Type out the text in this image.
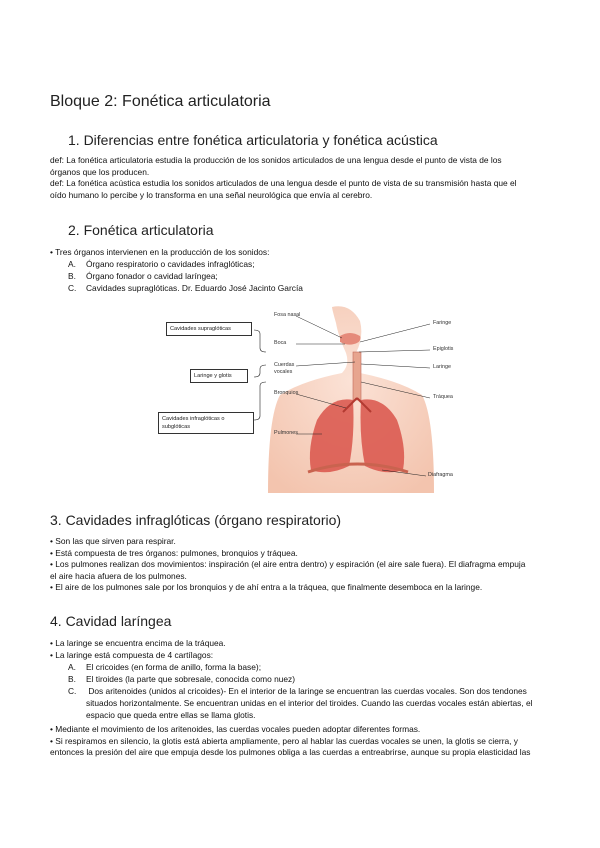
Bloque 2: Fonética articulatoria
1. Diferencias entre fonética articulatoria y fonética acústica
def: La fonética articulatoria estudia la producción de los sonidos articulados de una lengua desde el punto de vista de los
órganos que los producen.
def: La fonética acústica estudia los sonidos articulados de una lengua desde el punto de vista de su transmisión hasta que el
oído humano lo percibe y lo transforma en una señal neurológica que envía al cerebro.
2. Fonética articulatoria
• Tres órganos intervienen en la producción de los sonidos:
A. Órgano respiratorio o cavidades infraglóticas;
B. Órgano fonador o cavidad laríngea;
C. Cavidades supraglóticas. Dr. Eduardo José Jacinto García
Cavidades supraglóticas
Laringe y glotis
Cavidades infraglóticas o subglóticas
Fosa nasal
Boca
Cuerdas vocales
Bronquios
Pulmones
Faringe
Epiglotis
Laringe
Tráquea
Diafragma
3. Cavidades infraglóticas (órgano respiratorio)
• Son las que sirven para respirar.
• Está compuesta de tres órganos: pulmones, bronquios y tráquea.
• Los pulmones realizan dos movimientos: inspiración (el aire entra dentro) y espiración (el aire sale fuera). El diafragma empuja
el aire hacia afuera de los pulmones.
• El aire de los pulmones sale por los bronquios y de ahí entra a la tráquea, que finalmente desemboca en la laringe.
4. Cavidad laríngea
• La laringe se encuentra encima de la tráquea.
• La laringe está compuesta de 4 cartílagos:
A. El cricoides (en forma de anillo, forma la base);
B. El tiroides (la parte que sobresale, conocida como nuez)
C. Dos aritenoides (unidos al cricoides)- En el interior de la laringe se encuentran las cuerdas vocales. Son dos tendones
situados horizontalmente. Se encuentran unidas en el interior del tiroides. Cuando las cuerdas vocales están abiertas, el
espacio que queda entre ellas se llama glotis.
• Mediante el movimiento de los aritenoides, las cuerdas vocales pueden adoptar diferentes formas.
• Si respiramos en silencio, la glotis está abierta ampliamente, pero al hablar las cuerdas vocales se unen, la glotis se cierra, y
entonces la presión del aire que empuja desde los pulmones obliga a las cuerdas a entreabrirse, aunque su propia elasticidad las
